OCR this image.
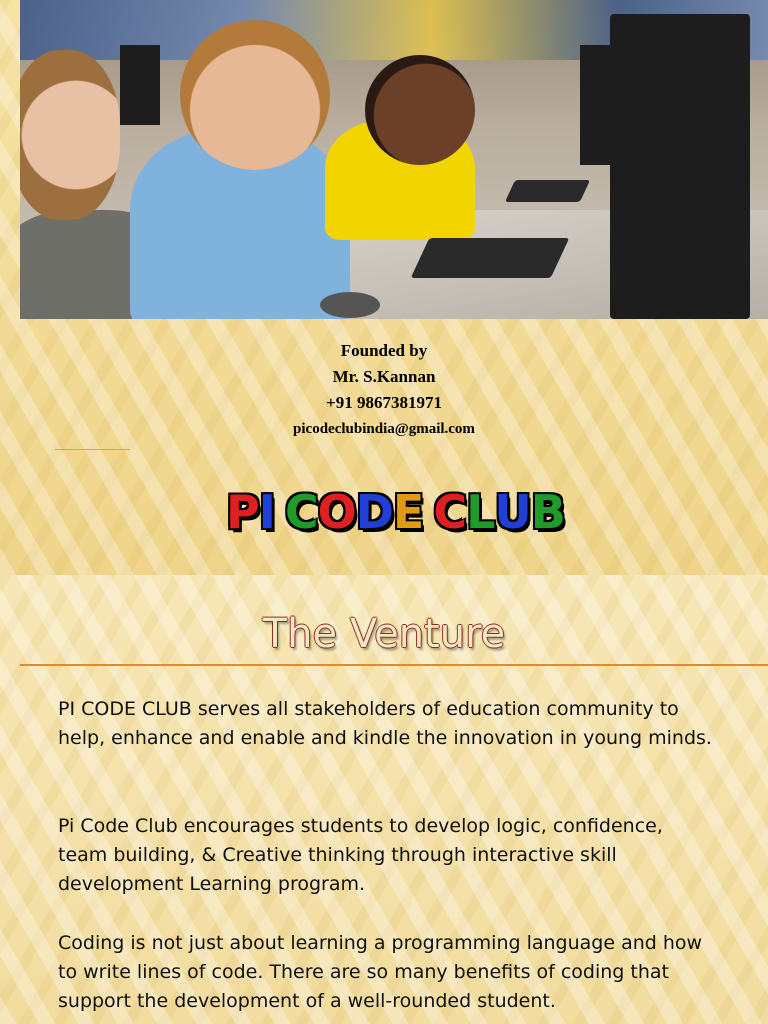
Founded by
Mr. S.Kannan
+91 9867381971
picodeclubindia@gmail.com
PI CODE CLUB
The Venture

PI CODE CLUB serves all stakeholders of education community to help, enhance and enable and kindle the innovation in young minds.

Pi Code Club encourages students to develop logic, confidence, team building, & Creative thinking through interactive skill development Learning program.

Coding is not just about learning a programming language and how to write lines of code. There are so many benefits of coding that support the development of a well-rounded student.
